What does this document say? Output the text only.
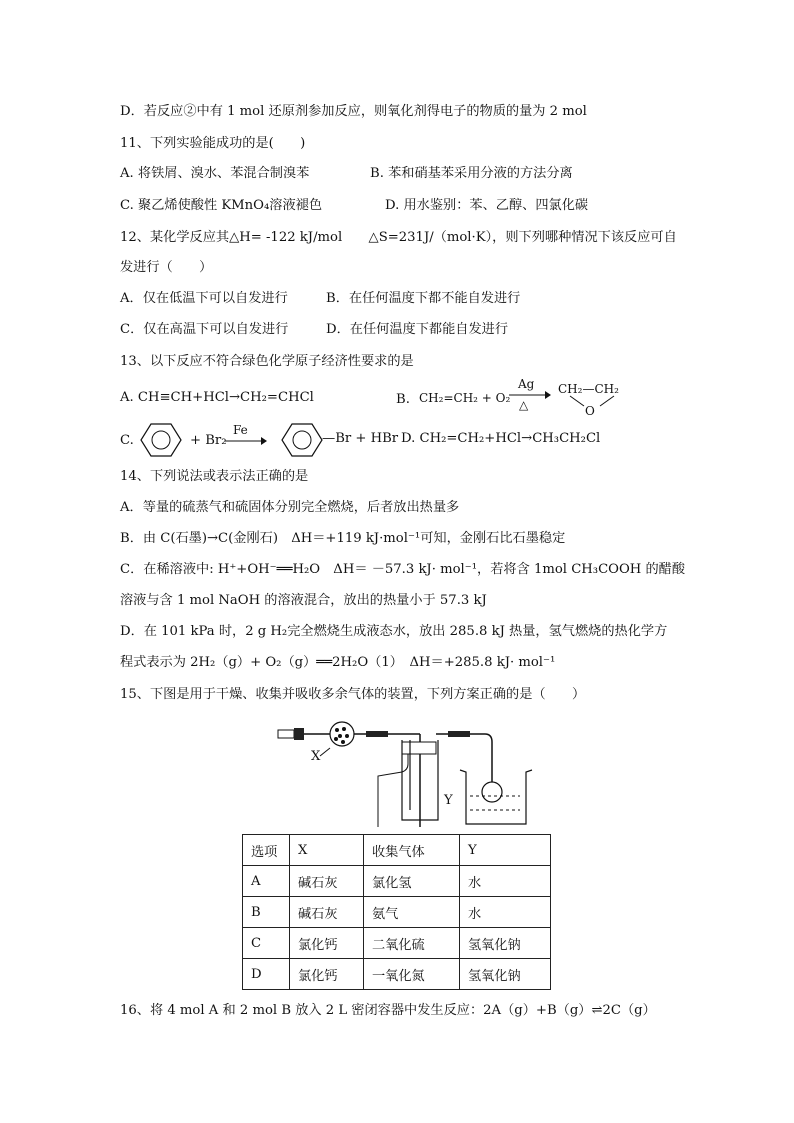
D．若反应②中有 1 mol 还原剂参加反应，则氧化剂得电子的物质的量为 2 mol
11、下列实验能成功的是(　　)
A. 将铁屑、溴水、苯混合制溴苯	B. 苯和硝基苯采用分液的方法分离
C. 聚乙烯使酸性 KMnO₄溶液褪色	D. 用水鉴别：苯、乙醇、四氯化碳
12、某化学反应其△H= -122 kJ/mol　　△S=231J/（mol·K），则下列哪种情况下该反应可自
发进行（　　）
A．仅在低温下可以自发进行	B．在任何温度下都不能自发进行
C．仅在高温下可以自发进行	D．在任何温度下都能自发进行
13、以下反应不符合绿色化学原子经济性要求的是
A. CH≡CH+HCl→CH₂=CHCl	B. CH₂=CH₂ + O₂
Ag
△
→ CH₂—CH₂
O
C.	+ Br₂
Fe
—Br + HBr D. CH₂=CH₂+HCl→CH₃CH₂Cl
14、下列说法或表示法正确的是
A．等量的硫蒸气和硫固体分别完全燃烧，后者放出热量多
B．由 C(石墨)→C(金刚石)　ΔH＝+119 kJ·mol⁻¹可知，金刚石比石墨稳定
C．在稀溶液中: H⁺+OH⁻══H₂O　ΔH＝ －57.3 kJ· mol⁻¹，若将含 1mol CH₃COOH 的醋酸
溶液与含 1 mol NaOH 的溶液混合，放出的热量小于 57.3 kJ
D．在 101 kPa 时，2 g H₂完全燃烧生成液态水，放出 285.8 kJ 热量，氢气燃烧的热化学方
程式表示为 2H₂（g）+ O₂（g）══2H₂O（1）　ΔH＝+285.8 kJ· mol⁻¹
15、下图是用于干燥、收集并吸收多余气体的装置，下列方案正确的是（　　）
X
Y
选项	X	收集气体	Y
A	碱石灰	氯化氢	水
B	碱石灰	氨气	水
C	氯化钙	二氧化硫	氢氧化钠
D	氯化钙	一氧化氮	氢氧化钠
16、将 4 mol A 和 2 mol B 放入 2 L 密闭容器中发生反应：2A（g）+B（g）⇌2C（g）
